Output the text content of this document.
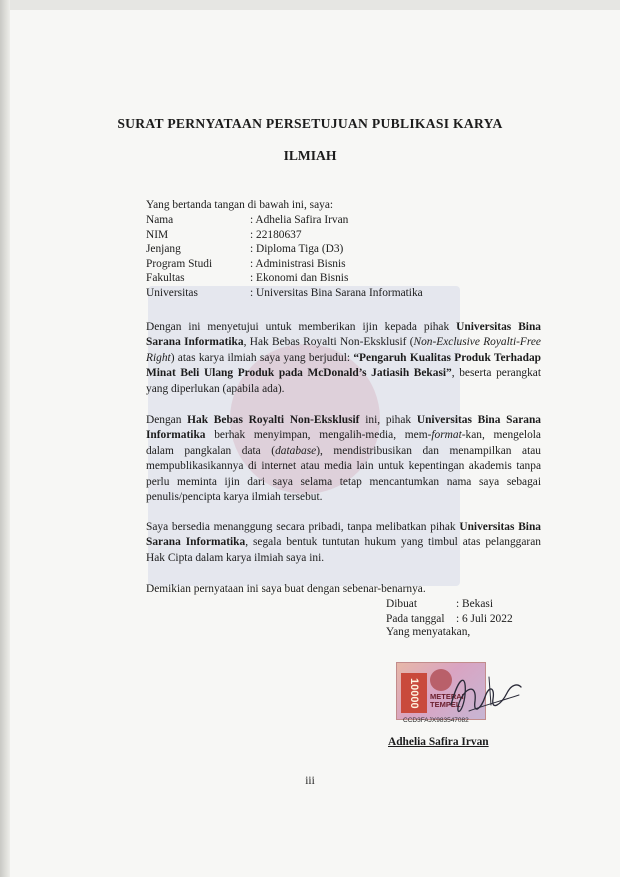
SURAT PERNYATAAN PERSETUJUAN PUBLIKASI KARYA
ILMIAH
Yang bertanda tangan di bawah ini, saya:
Nama	: Adhelia Safira Irvan
NIM	: 22180637
Jenjang	: Diploma Tiga (D3)
Program Studi	: Administrasi Bisnis
Fakultas	: Ekonomi dan Bisnis
Universitas	: Universitas Bina Sarana Informatika
Dengan ini menyetujui untuk memberikan ijin kepada pihak Universitas Bina Sarana Informatika, Hak Bebas Royalti Non-Eksklusif (Non-Exclusive Royalti-Free Right) atas karya ilmiah saya yang berjudul: “Pengaruh Kualitas Produk Terhadap Minat Beli Ulang Produk pada McDonald’s Jatiasih Bekasi”, beserta perangkat yang diperlukan (apabila ada).
Dengan Hak Bebas Royalti Non-Eksklusif ini, pihak Universitas Bina Sarana Informatika berhak menyimpan, mengalih-media, mem-format-kan, mengelola dalam pangkalan data (database), mendistribusikan dan menampilkan atau mempublikasikannya di internet atau media lain untuk kepentingan akademis tanpa perlu meminta ijin dari saya selama tetap mencantumkan nama saya sebagai penulis/pencipta karya ilmiah tersebut.
Saya bersedia menanggung secara pribadi, tanpa melibatkan pihak Universitas Bina Sarana Informatika, segala bentuk tuntutan hukum yang timbul atas pelanggaran Hak Cipta dalam karya ilmiah saya ini.
Demikian pernyataan ini saya buat dengan sebenar-benarnya.
Dibuat	: Bekasi
Pada tanggal	: 6 Juli 2022
Yang menyatakan,
10000	METERAI
TEMPEL
CCD3FAJX983547082
Adhelia Safira Irvan
iii
